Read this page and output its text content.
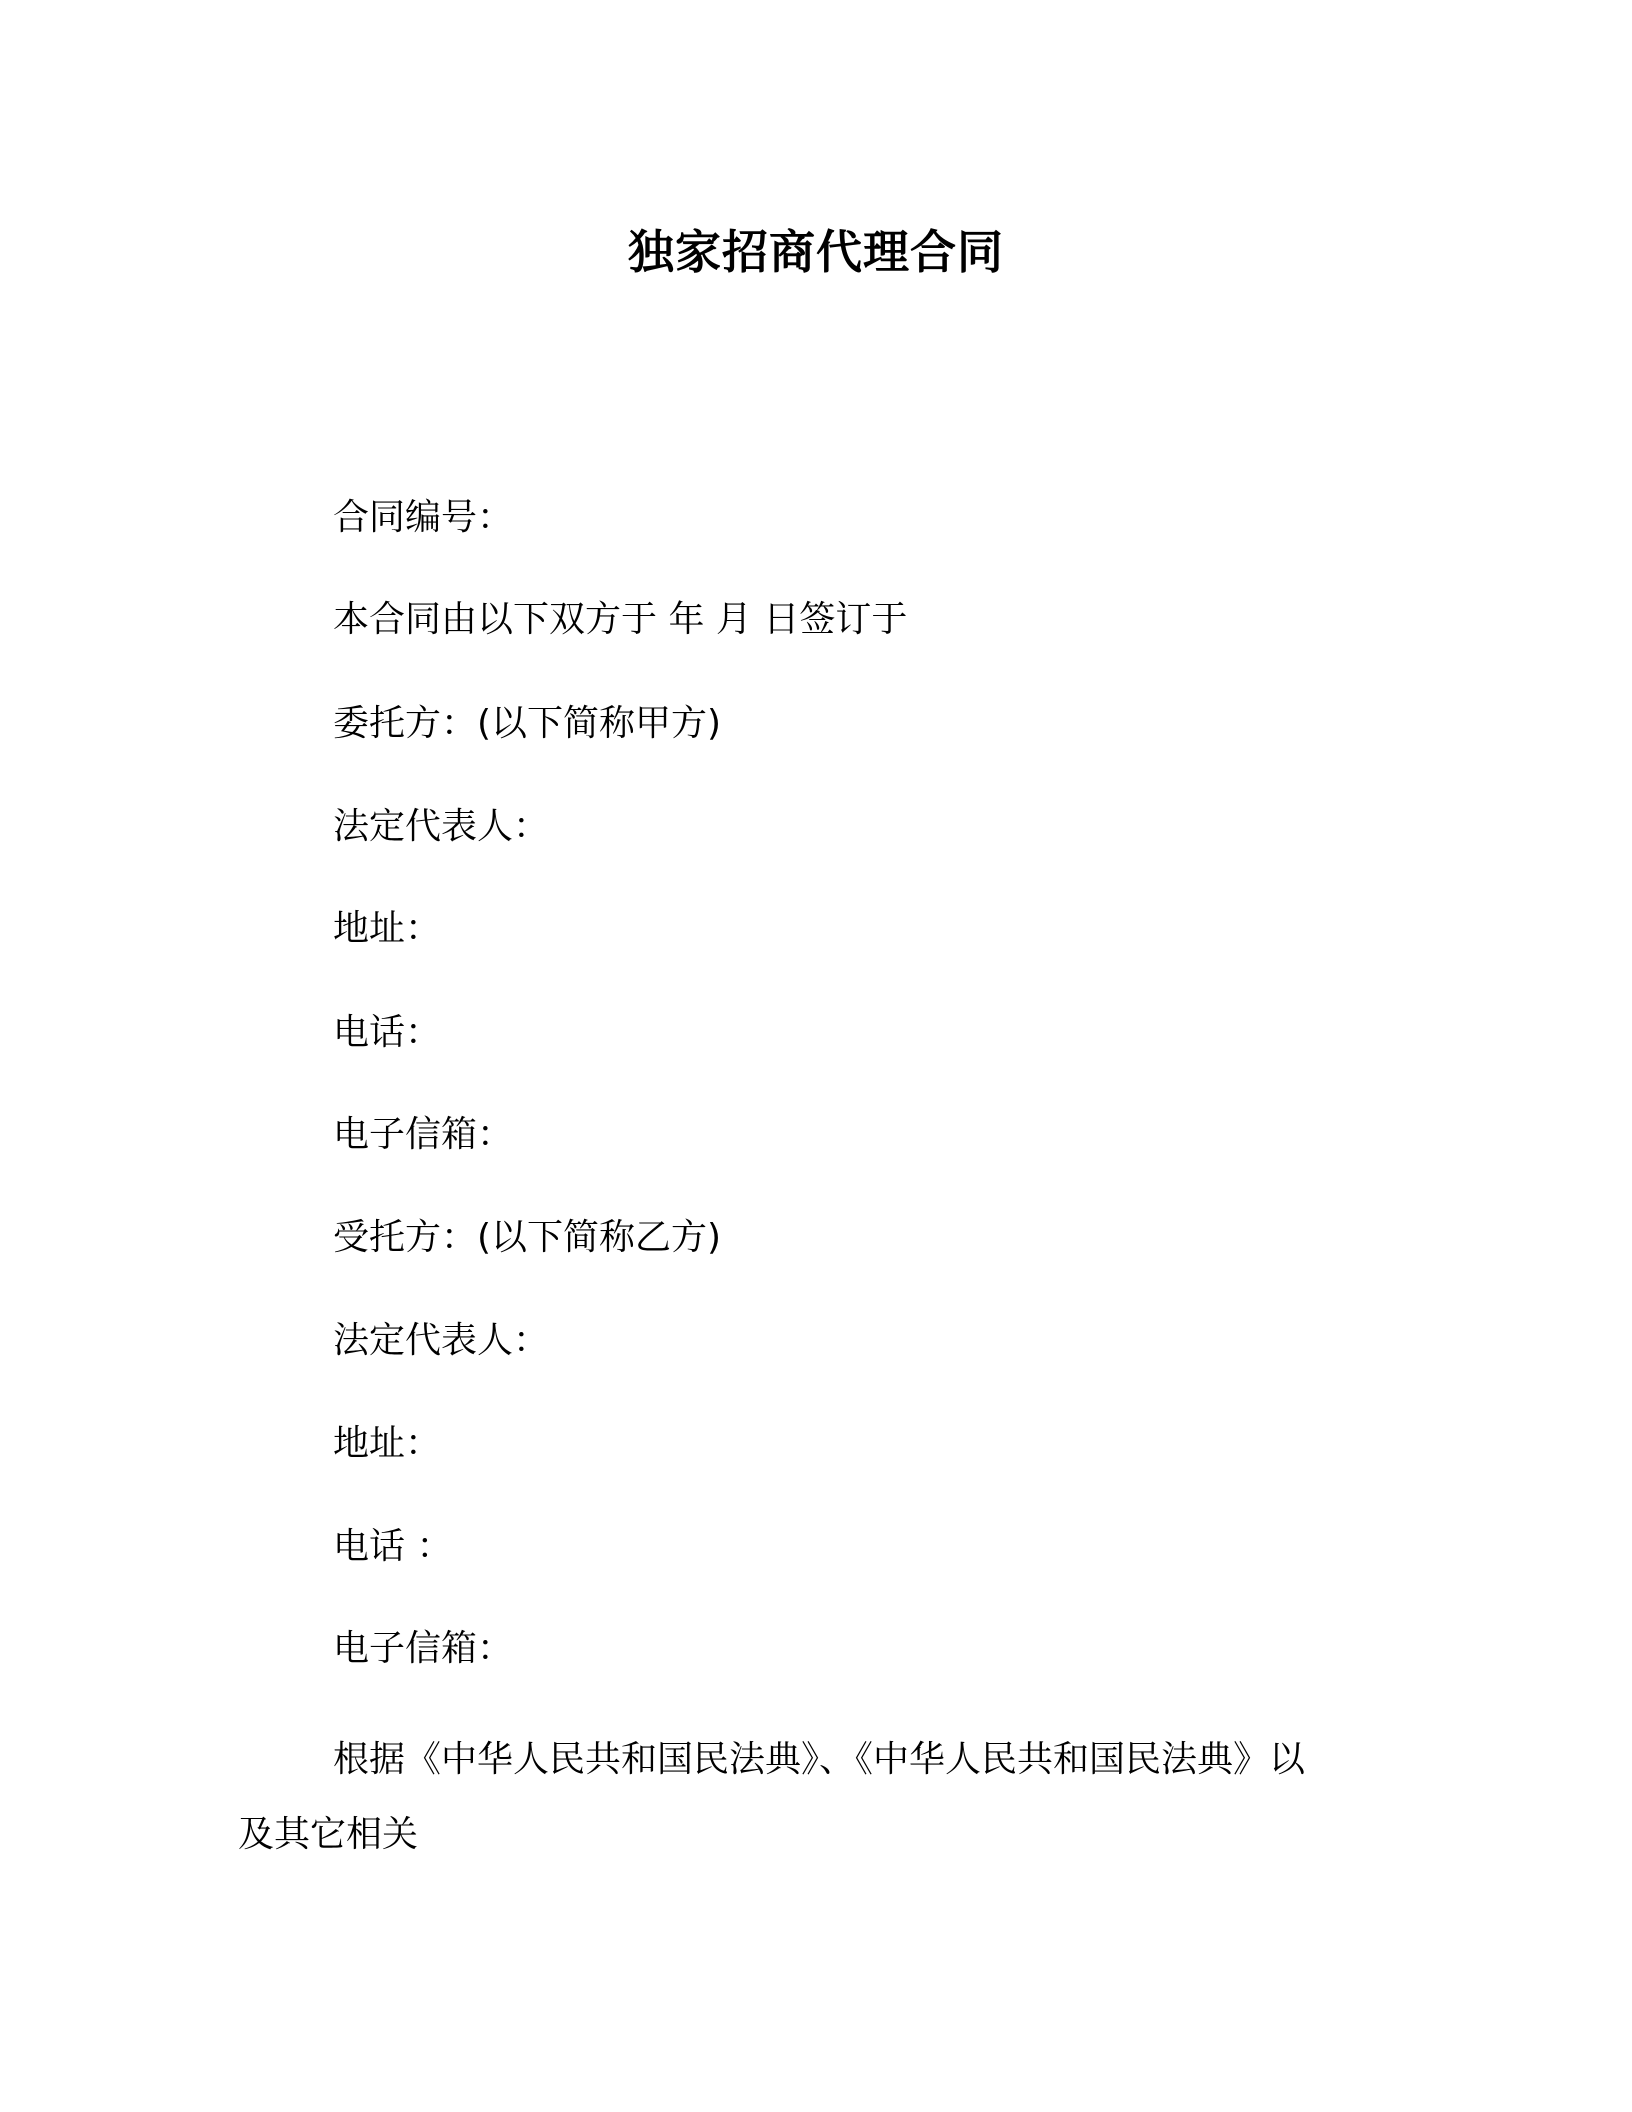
独家招商代理合同
合同编号：
本合同由以下双方于 年 月 日签订于
委托方：(以下简称甲方)
法定代表人：
地址：
电话：
电子信箱：
受托方：(以下简称乙方)
法定代表人：
地址：
电话 ：
电子信箱：
根据《中华人民共和国民法典》、《中华人民共和国民法典》以
及其它相关
